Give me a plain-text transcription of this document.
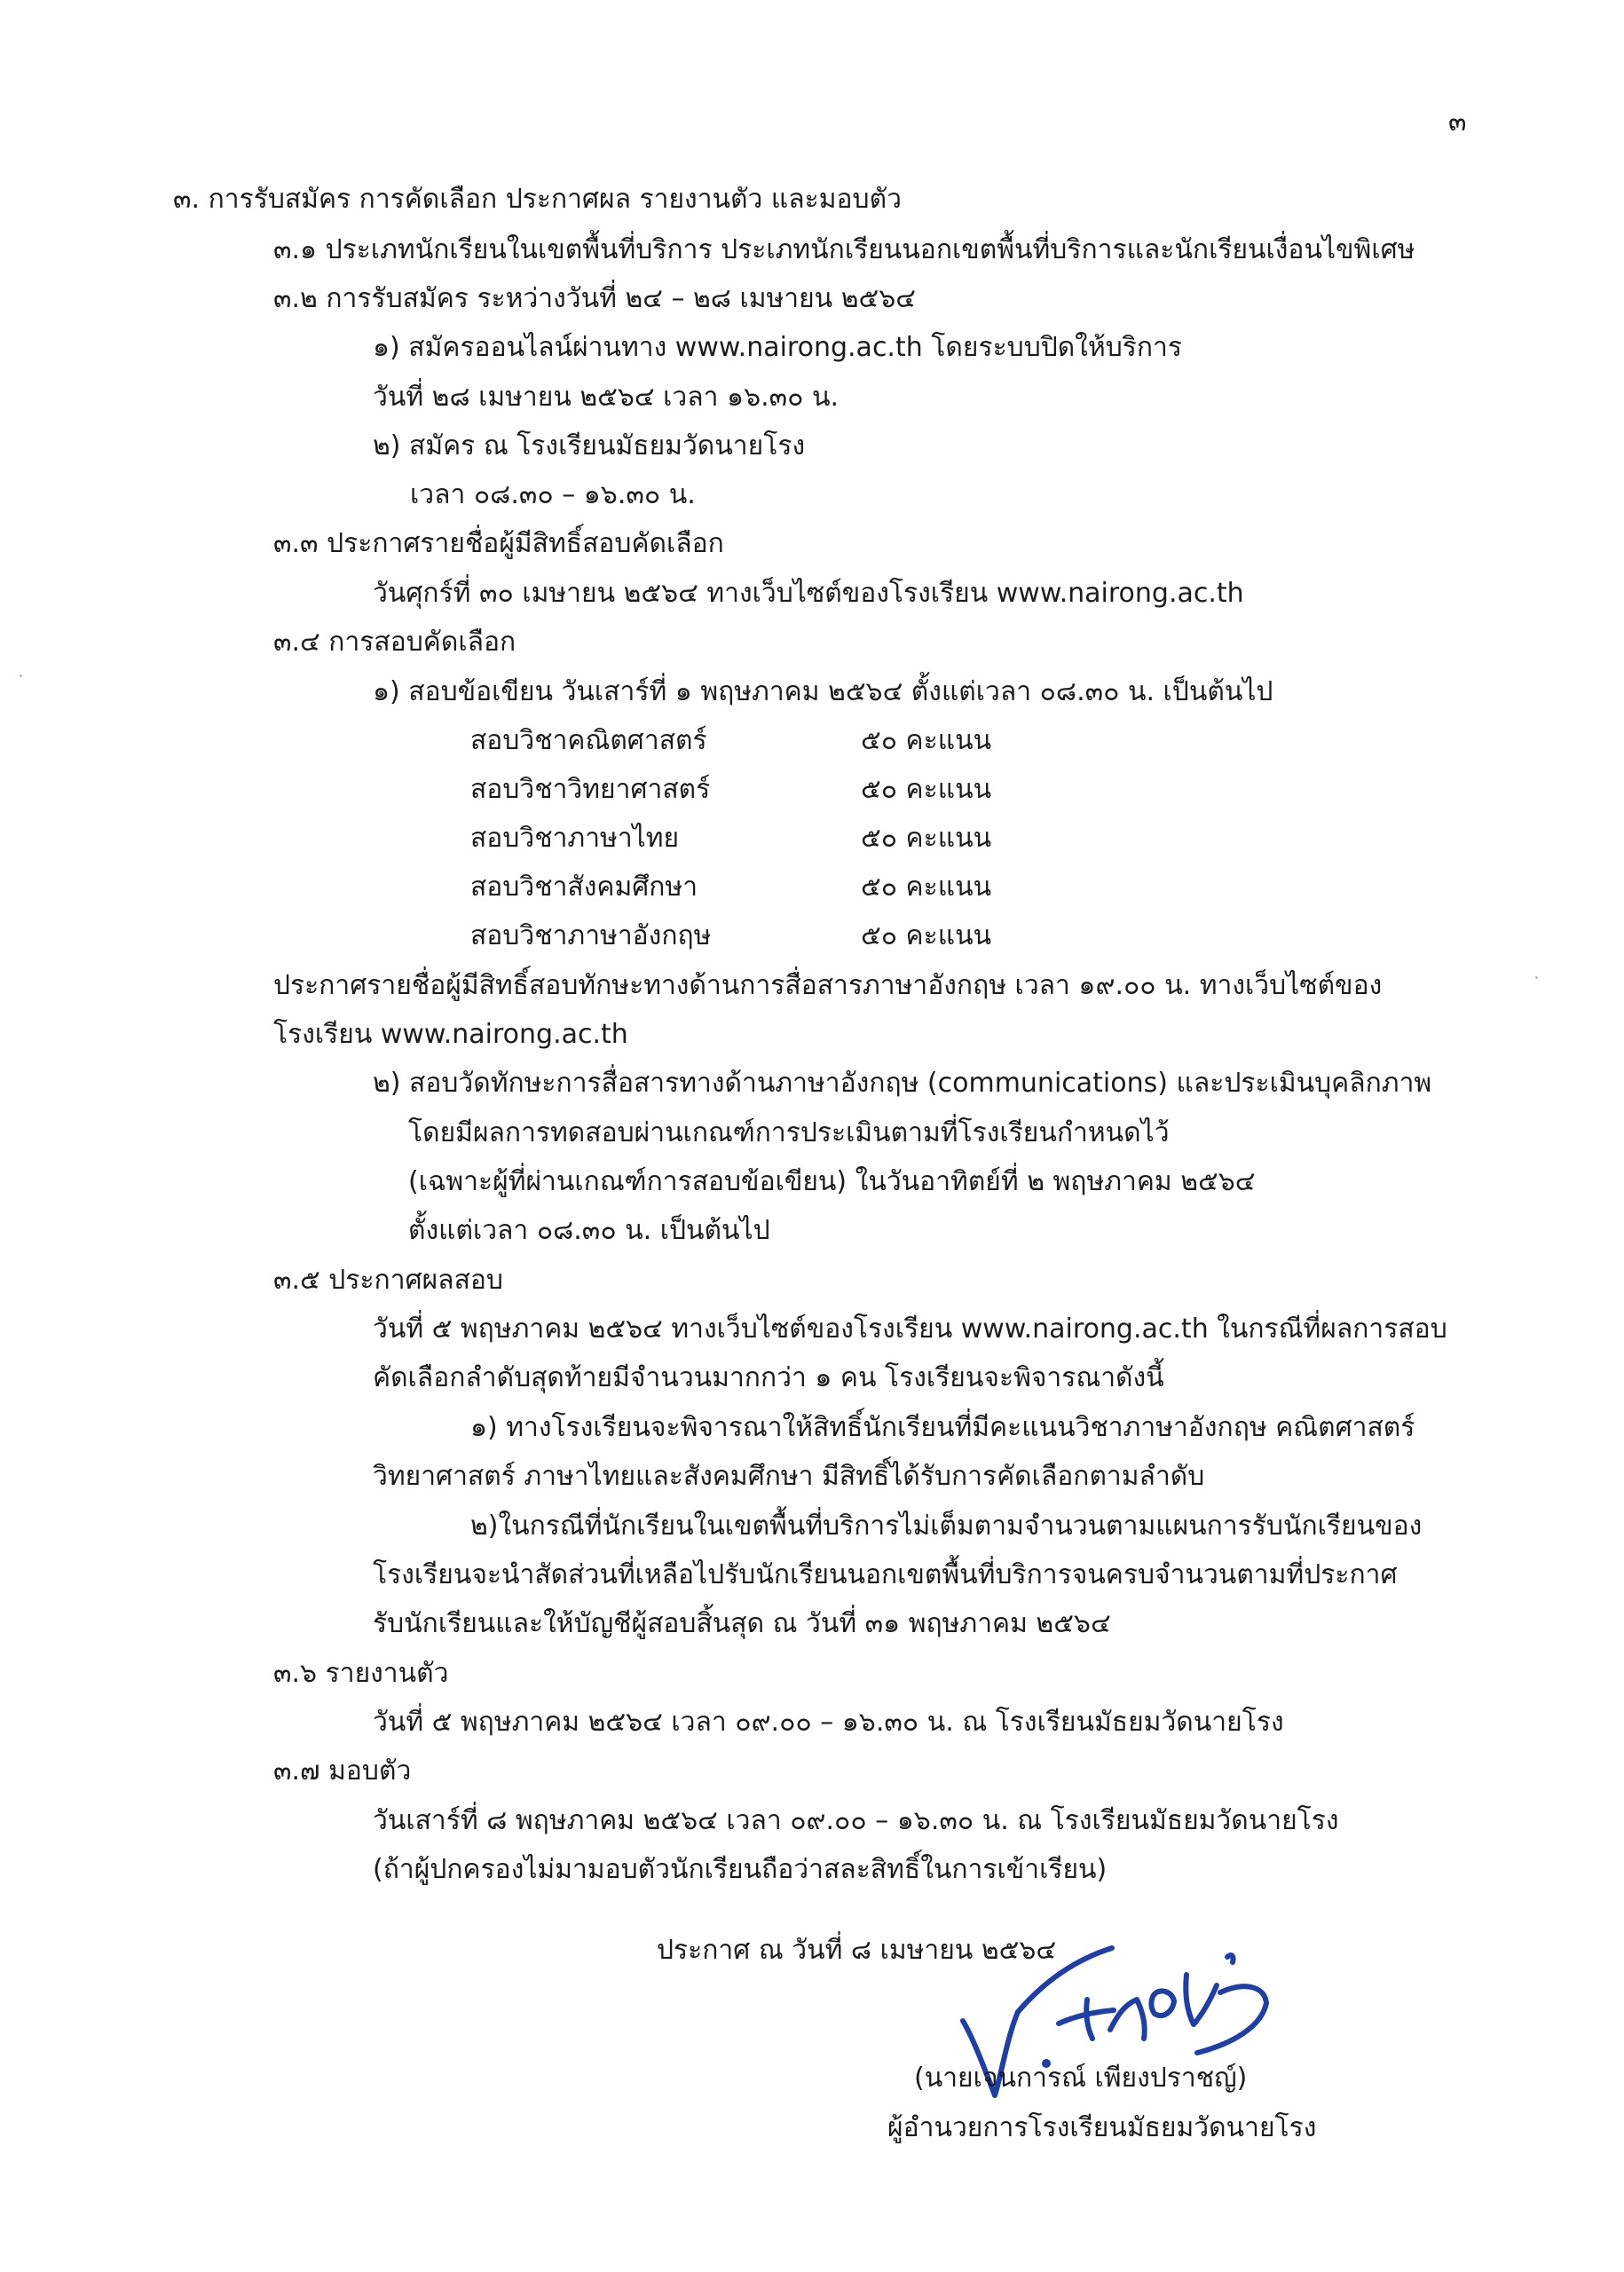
๓
๓. การรับสมัคร การคัดเลือก ประกาศผล รายงานตัว และมอบตัว
๓.๑ ประเภทนักเรียนในเขตพื้นที่บริการ ประเภทนักเรียนนอกเขตพื้นที่บริการและนักเรียนเงื่อนไขพิเศษ
๓.๒ การรับสมัคร ระหว่างวันที่ ๒๔ – ๒๘ เมษายน ๒๕๖๔
๑) สมัครออนไลน์ผ่านทาง www.nairong.ac.th โดยระบบปิดให้บริการ
วันที่ ๒๘ เมษายน ๒๕๖๔ เวลา ๑๖.๓๐ น.
๒) สมัคร ณ โรงเรียนมัธยมวัดนายโรง
เวลา ๐๘.๓๐ – ๑๖.๓๐ น.
๓.๓ ประกาศรายชื่อผู้มีสิทธิ์สอบคัดเลือก
วันศุกร์ที่ ๓๐ เมษายน ๒๕๖๔ ทางเว็บไซต์ของโรงเรียน www.nairong.ac.th
๓.๔ การสอบคัดเลือก
๑) สอบข้อเขียน วันเสาร์ที่ ๑ พฤษภาคม ๒๕๖๔ ตั้งแต่เวลา ๐๘.๓๐ น. เป็นต้นไป
สอบวิชาคณิตศาสตร์	๕๐ คะแนน
สอบวิชาวิทยาศาสตร์	๕๐ คะแนน
สอบวิชาภาษาไทย	๕๐ คะแนน
สอบวิชาสังคมศึกษา	๕๐ คะแนน
สอบวิชาภาษาอังกฤษ	๕๐ คะแนน
ประกาศรายชื่อผู้มีสิทธิ์สอบทักษะทางด้านการสื่อสารภาษาอังกฤษ เวลา ๑๙.๐๐ น. ทางเว็บไซต์ของ
โรงเรียน www.nairong.ac.th
๒) สอบวัดทักษะการสื่อสารทางด้านภาษาอังกฤษ (communications) และประเมินบุคลิกภาพ
โดยมีผลการทดสอบผ่านเกณฑ์การประเมินตามที่โรงเรียนกำหนดไว้
(เฉพาะผู้ที่ผ่านเกณฑ์การสอบข้อเขียน) ในวันอาทิตย์ที่ ๒ พฤษภาคม ๒๕๖๔
ตั้งแต่เวลา ๐๘.๓๐ น. เป็นต้นไป
๓.๕ ประกาศผลสอบ
วันที่ ๕ พฤษภาคม ๒๕๖๔ ทางเว็บไซต์ของโรงเรียน www.nairong.ac.th ในกรณีที่ผลการสอบ
คัดเลือกลำดับสุดท้ายมีจำนวนมากกว่า ๑ คน โรงเรียนจะพิจารณาดังนี้
๑) ทางโรงเรียนจะพิจารณาให้สิทธิ์นักเรียนที่มีคะแนนวิชาภาษาอังกฤษ คณิตศาสตร์
วิทยาศาสตร์ ภาษาไทยและสังคมศึกษา มีสิทธิ์ได้รับการคัดเลือกตามลำดับ
๒)ในกรณีที่นักเรียนในเขตพื้นที่บริการไม่เต็มตามจำนวนตามแผนการรับนักเรียนของ
โรงเรียนจะนำสัดส่วนที่เหลือไปรับนักเรียนนอกเขตพื้นที่บริการจนครบจำนวนตามที่ประกาศ
รับนักเรียนและให้บัญชีผู้สอบสิ้นสุด ณ วันที่ ๓๑ พฤษภาคม ๒๕๖๔
๓.๖ รายงานตัว
วันที่ ๕ พฤษภาคม ๒๕๖๔ เวลา ๐๙.๐๐ – ๑๖.๓๐ น. ณ โรงเรียนมัธยมวัดนายโรง
๓.๗ มอบตัว
วันเสาร์ที่ ๘ พฤษภาคม ๒๕๖๔ เวลา ๐๙.๐๐ – ๑๖.๓๐ น. ณ โรงเรียนมัธยมวัดนายโรง
(ถ้าผู้ปกครองไม่มามอบตัวนักเรียนถือว่าสละสิทธิ์ในการเข้าเรียน)
ประกาศ ณ วันที่ ๘ เมษายน ๒๕๖๔
(นายเจนการณ์ เพียงปราชญ์)
ผู้อำนวยการโรงเรียนมัธยมวัดนายโรง
